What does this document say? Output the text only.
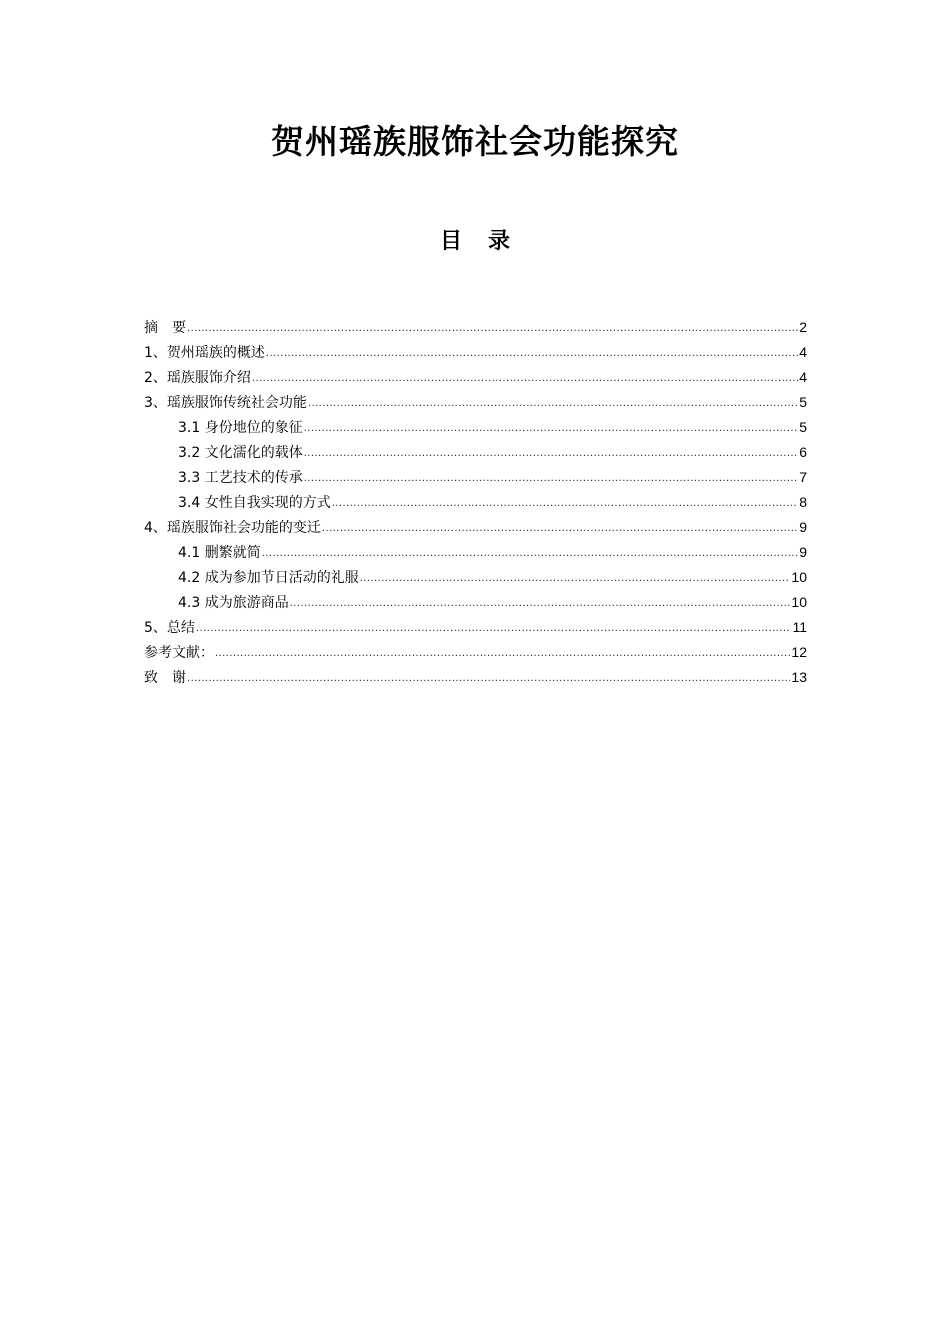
贺州瑶族服饰社会功能探究
目 录
摘　要 .....	2
1、贺州瑶族的概述 .....	4
2、瑶族服饰介绍 .....	4
3、瑶族服饰传统社会功能 .....	5
3.1 身份地位的象征 .....	5
3.2 文化濡化的载体 .....	6
3.3 工艺技术的传承 .....	7
3.4 女性自我实现的方式 .....	8
4、瑶族服饰社会功能的变迁 .....	9
4.1 删繁就简 .....	9
4.2 成为参加节日活动的礼服 .....	10
4.3 成为旅游商品 .....	10
5、总结 .....	11
参考文献： .....	12
致　谢 .....	13
